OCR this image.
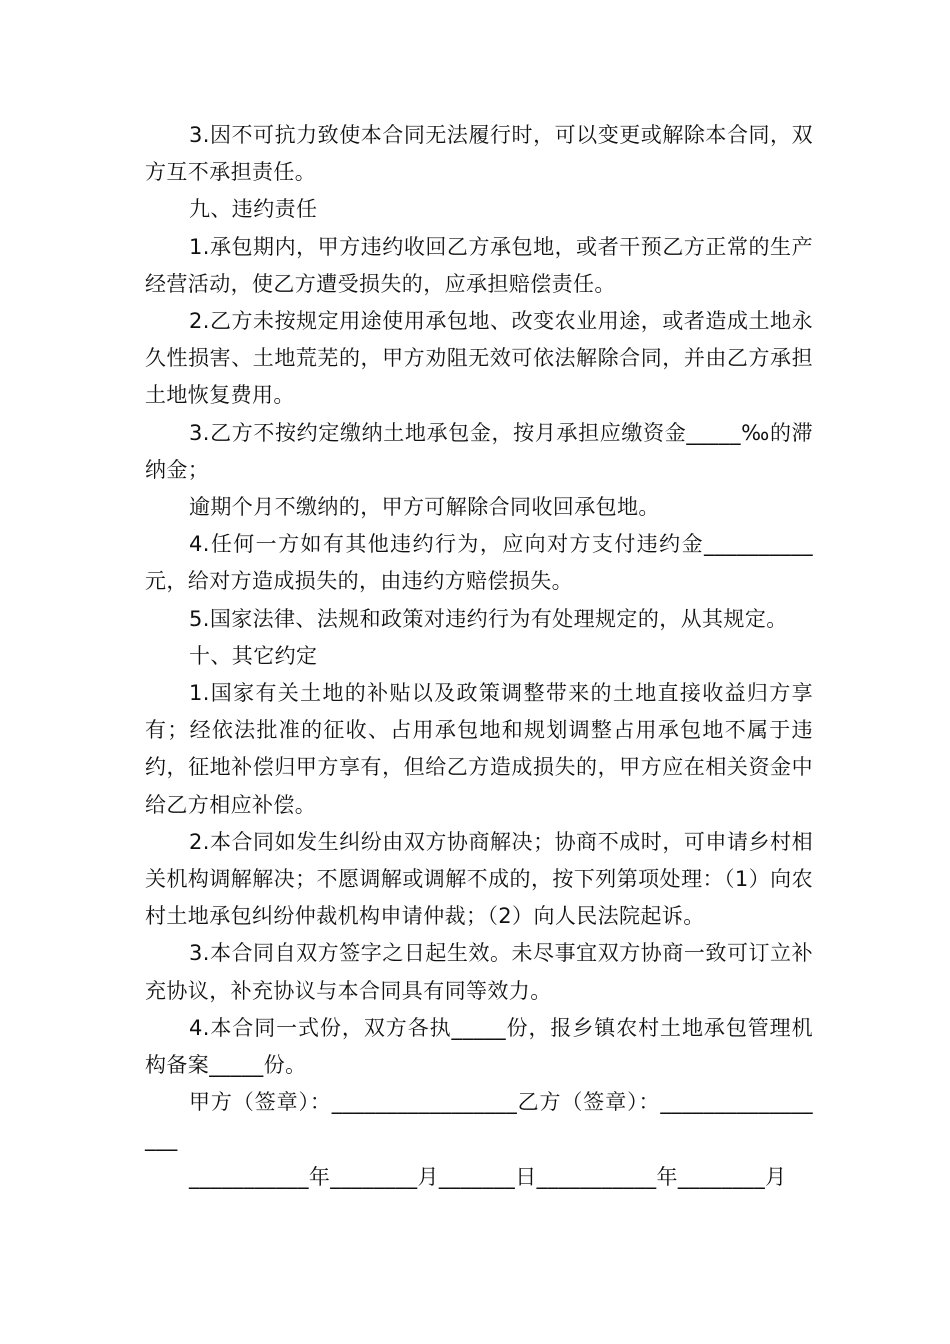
3.因不可抗力致使本合同无法履行时，可以变更或解除本合同，双方互不承担责任。

九、违约责任

1.承包期内，甲方违约收回乙方承包地，或者干预乙方正常的生产经营活动，使乙方遭受损失的，应承担赔偿责任。

2.乙方未按规定用途使用承包地、改变农业用途，或者造成土地永久性损害、土地荒芜的，甲方劝阻无效可依法解除合同，并由乙方承担土地恢复费用。

3.乙方不按约定缴纳土地承包金，按月承担应缴资金_____‰的滞纳金；

逾期个月不缴纳的，甲方可解除合同收回承包地。

4.任何一方如有其他违约行为，应向对方支付违约金__________元，给对方造成损失的，由违约方赔偿损失。

5.国家法律、法规和政策对违约行为有处理规定的，从其规定。

十、其它约定

1.国家有关土地的补贴以及政策调整带来的土地直接收益归方享有；经依法批准的征收、占用承包地和规划调整占用承包地不属于违约，征地补偿归甲方享有，但给乙方造成损失的，甲方应在相关资金中给乙方相应补偿。

2.本合同如发生纠纷由双方协商解决；协商不成时，可申请乡村相关机构调解解决；不愿调解或调解不成的，按下列第项处理：（1）向农村土地承包纠纷仲裁机构申请仲裁；（2）向人民法院起诉。

3.本合同自双方签字之日起生效。未尽事宜双方协商一致可订立补充协议，补充协议与本合同具有同等效力。

4.本合同一式份，双方各执_____份，报乡镇农村土地承包管理机构备案_____份。

甲方（签章）：_________________乙方（签章）：_________________

___________年________月_______日___________年________月
